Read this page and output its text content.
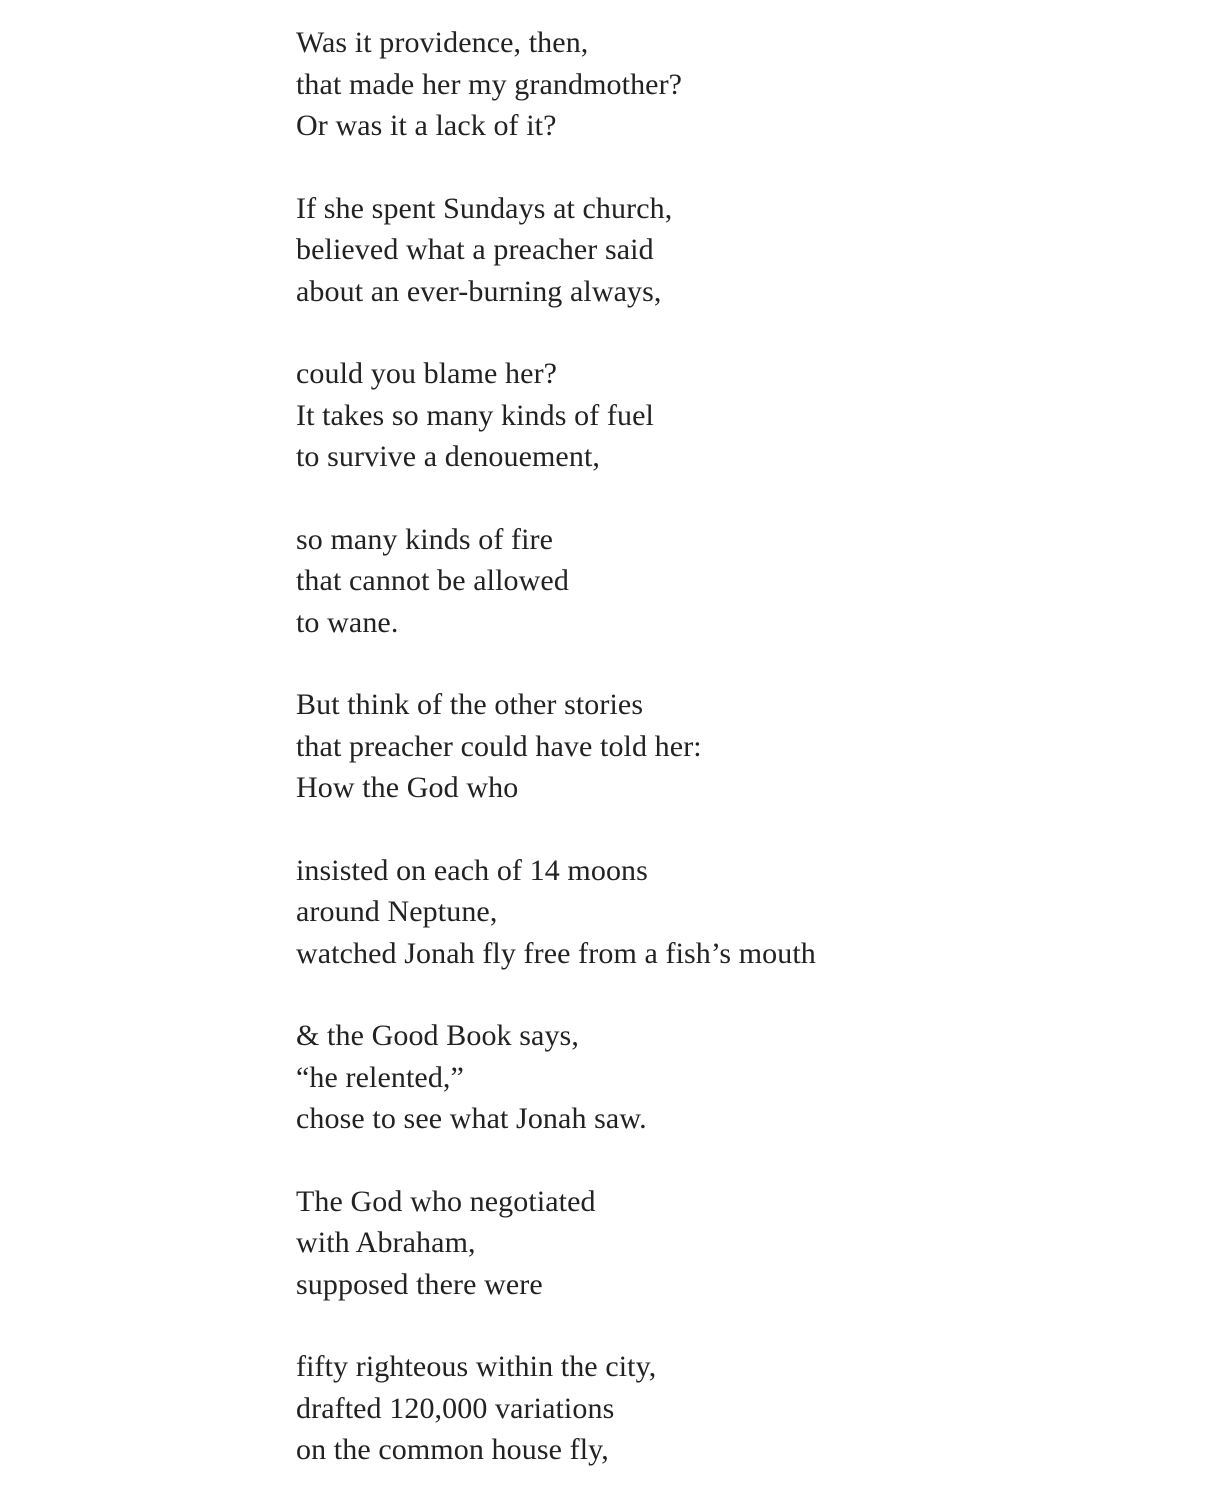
Was it providence, then,
that made her my grandmother?
Or was it a lack of it?
If she spent Sundays at church,
believed what a preacher said
about an ever-burning always,
could you blame her?
It takes so many kinds of fuel
to survive a denouement,
so many kinds of fire
that cannot be allowed
to wane.
But think of the other stories
that preacher could have told her:
How the God who
insisted on each of 14 moons
around Neptune,
watched Jonah fly free from a fish’s mouth
& the Good Book says,
“he relented,”
chose to see what Jonah saw.
The God who negotiated
with Abraham,
supposed there were
fifty righteous within the city,
drafted 120,000 variations
on the common house fly,
